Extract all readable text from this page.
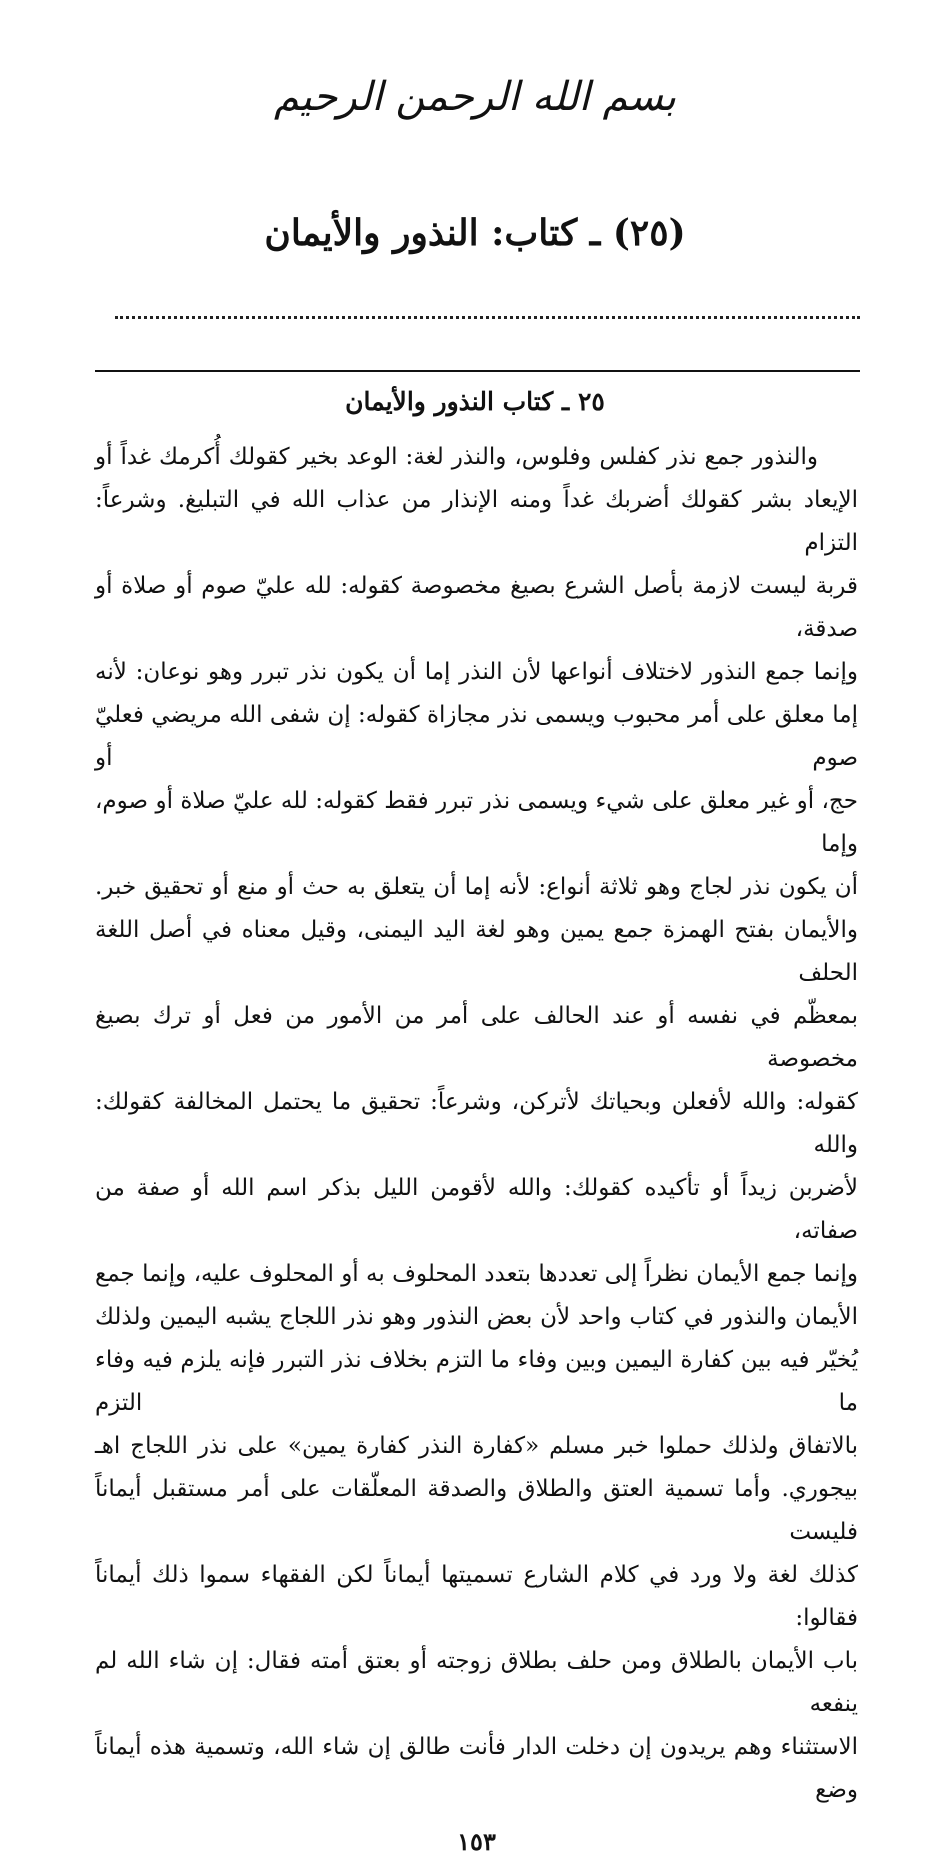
بسم الله الرحمن الرحيم
(٢٥) ـ كتاب: النذور والأيمان
٢٥ ـ كتاب النذور والأيمان
والنذور جمع نذر كفلس وفلوس، والنذر لغة: الوعد بخير كقولك أُكرمك غداً أو
الإيعاد بشر كقولك أضربك غداً ومنه الإنذار من عذاب الله في التبليغ. وشرعاً: التزام
قربة ليست لازمة بأصل الشرع بصيغ مخصوصة كقوله: لله عليّ صوم أو صلاة أو صدقة،
وإنما جمع النذور لاختلاف أنواعها لأن النذر إما أن يكون نذر تبرر وهو نوعان: لأنه
إما معلق على أمر محبوب ويسمى نذر مجازاة كقوله: إن شفى الله مريضي فعليّ صوم أو
حج، أو غير معلق على شيء ويسمى نذر تبرر فقط كقوله: لله عليّ صلاة أو صوم، وإما
أن يكون نذر لجاج وهو ثلاثة أنواع: لأنه إما أن يتعلق به حث أو منع أو تحقيق خبر.
والأيمان بفتح الهمزة جمع يمين وهو لغة اليد اليمنى، وقيل معناه في أصل اللغة الحلف
بمعظّم في نفسه أو عند الحالف على أمر من الأمور من فعل أو ترك بصيغ مخصوصة
كقوله: والله لأفعلن وبحياتك لأتركن، وشرعاً: تحقيق ما يحتمل المخالفة كقولك: والله
لأضربن زيداً أو تأكيده كقولك: والله لأقومن الليل بذكر اسم الله أو صفة من صفاته،
وإنما جمع الأيمان نظراً إلى تعددها بتعدد المحلوف به أو المحلوف عليه، وإنما جمع
الأيمان والنذور في كتاب واحد لأن بعض النذور وهو نذر اللجاج يشبه اليمين ولذلك
يُخيّر فيه بين كفارة اليمين وبين وفاء ما التزم بخلاف نذر التبرر فإنه يلزم فيه وفاء ما التزم
بالاتفاق ولذلك حملوا خبر مسلم «كفارة النذر كفارة يمين» على نذر اللجاج اهـ
بيجوري. وأما تسمية العتق والطلاق والصدقة المعلّقات على أمر مستقبل أيماناً فليست
كذلك لغة ولا ورد في كلام الشارع تسميتها أيماناً لكن الفقهاء سموا ذلك أيماناً فقالوا:
باب الأيمان بالطلاق ومن حلف بطلاق زوجته أو بعتق أمته فقال: إن شاء الله لم ينفعه
الاستثناء وهم يريدون إن دخلت الدار فأنت طالق إن شاء الله، وتسمية هذه أيماناً وضع
١٥٣
